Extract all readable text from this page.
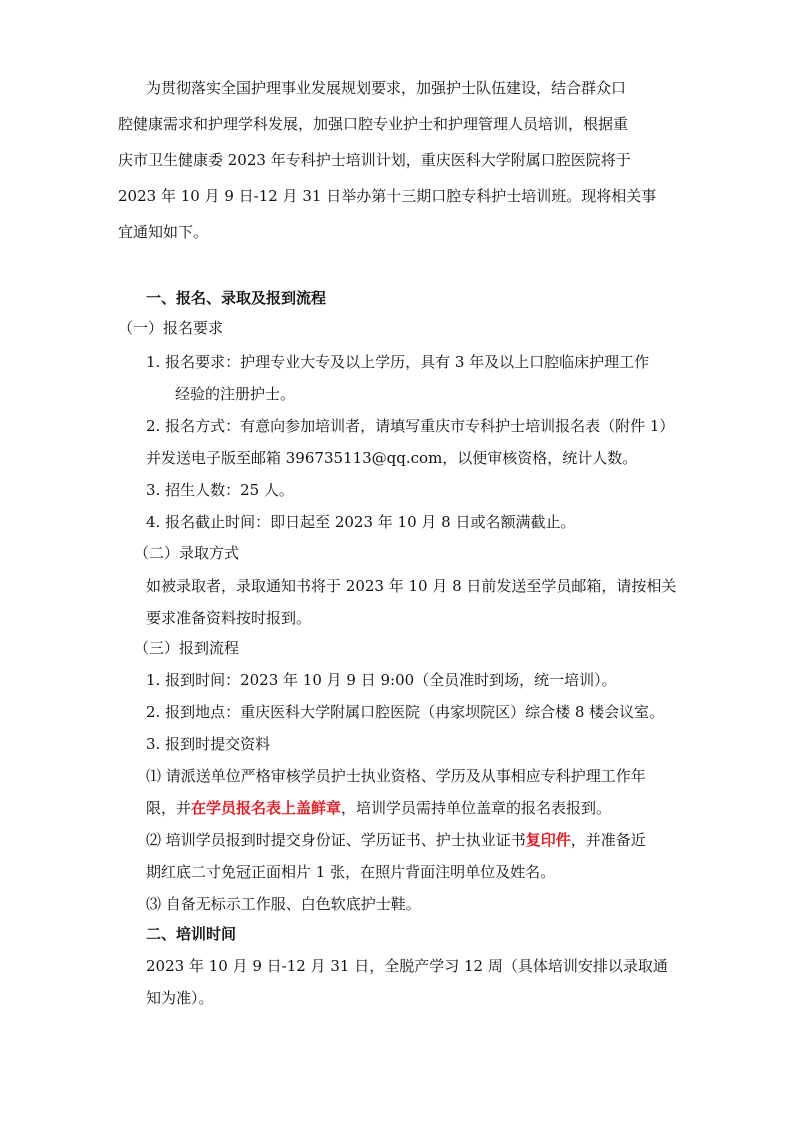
为贯彻落实全国护理事业发展规划要求，加强护士队伍建设，结合群众口
腔健康需求和护理学科发展，加强口腔专业护士和护理管理人员培训，根据重
庆市卫生健康委 2023 年专科护士培训计划，重庆医科大学附属口腔医院将于
2023 年 10 月 9 日-12 月 31 日举办第十三期口腔专科护士培训班。现将相关事
宜通知如下。
一、报名、录取及报到流程
（一）报名要求
1. 报名要求：护理专业大专及以上学历，具有 3 年及以上口腔临床护理工作
经验的注册护士。
2. 报名方式：有意向参加培训者，请填写重庆市专科护士培训报名表（附件 1）
并发送电子版至邮箱 396735113@qq.com，以便审核资格，统计人数。
3. 招生人数：25 人。
4. 报名截止时间：即日起至 2023 年 10 月 8 日或名额满截止。
（二）录取方式
如被录取者，录取通知书将于 2023 年 10 月 8 日前发送至学员邮箱，请按相关
要求准备资料按时报到。
（三）报到流程
1. 报到时间：2023 年 10 月 9 日 9:00（全员准时到场，统一培训）。
2. 报到地点：重庆医科大学附属口腔医院（冉家坝院区）综合楼 8 楼会议室。
3. 报到时提交资料
⑴ 请派送单位严格审核学员护士执业资格、学历及从事相应专科护理工作年
限，并在学员报名表上盖鲜章，培训学员需持单位盖章的报名表报到。
⑵ 培训学员报到时提交身份证、学历证书、护士执业证书复印件，并准备近
期红底二寸免冠正面相片 1 张，在照片背面注明单位及姓名。
⑶ 自备无标示工作服、白色软底护士鞋。
二、培训时间
2023 年 10 月 9 日-12 月 31 日，全脱产学习 12 周（具体培训安排以录取通
知为准）。
